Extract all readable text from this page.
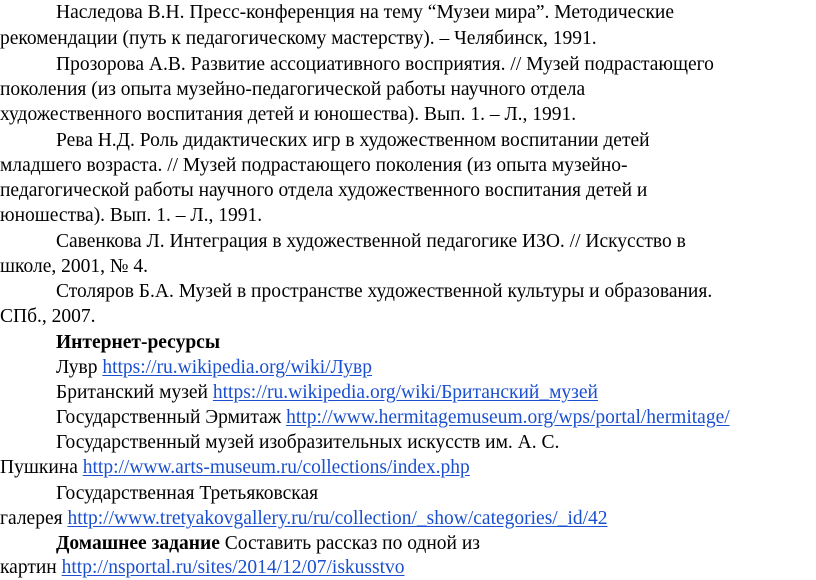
Наследова В.Н. Пресс-конференция на тему “Музеи мира”. Методические

рекомендации (путь к педагогическому мастерству). – Челябинск, 1991.

Прозорова А.В. Развитие ассоциативного восприятия. // Музей подрастающего

поколения (из опыта музейно-педагогической работы научного отдела

художественного воспитания детей и юношества). Вып. 1. – Л., 1991.

Рева Н.Д. Роль дидактических игр в художественном воспитании детей

младшего возраста. // Музей подрастающего поколения (из опыта музейно-

педагогической работы научного отдела художественного воспитания детей и

юношества). Вып. 1. – Л., 1991.

Савенкова Л. Интеграция в художественной педагогике ИЗО. // Искусство в

школе, 2001, № 4.

Столяров Б.А. Музей в пространстве художественной культуры и образования.

СПб., 2007.

Интернет-ресурсы

Лувр https://ru.wikipedia.org/wiki/Лувр

Британский музей https://ru.wikipedia.org/wiki/Британский_музей

Государственный Эрмитаж http://www.hermitagemuseum.org/wps/portal/hermitage/

Государственный музей изобразительных искусств им. А. С.

Пушкина http://www.arts-museum.ru/collections/index.php

Государственная Третьяковская

галерея http://www.tretyakovgallery.ru/ru/collection/_show/categories/_id/42

Домашнее задание Составить рассказ по одной из

картин http://nsportal.ru/sites/2014/12/07/iskusstvo
